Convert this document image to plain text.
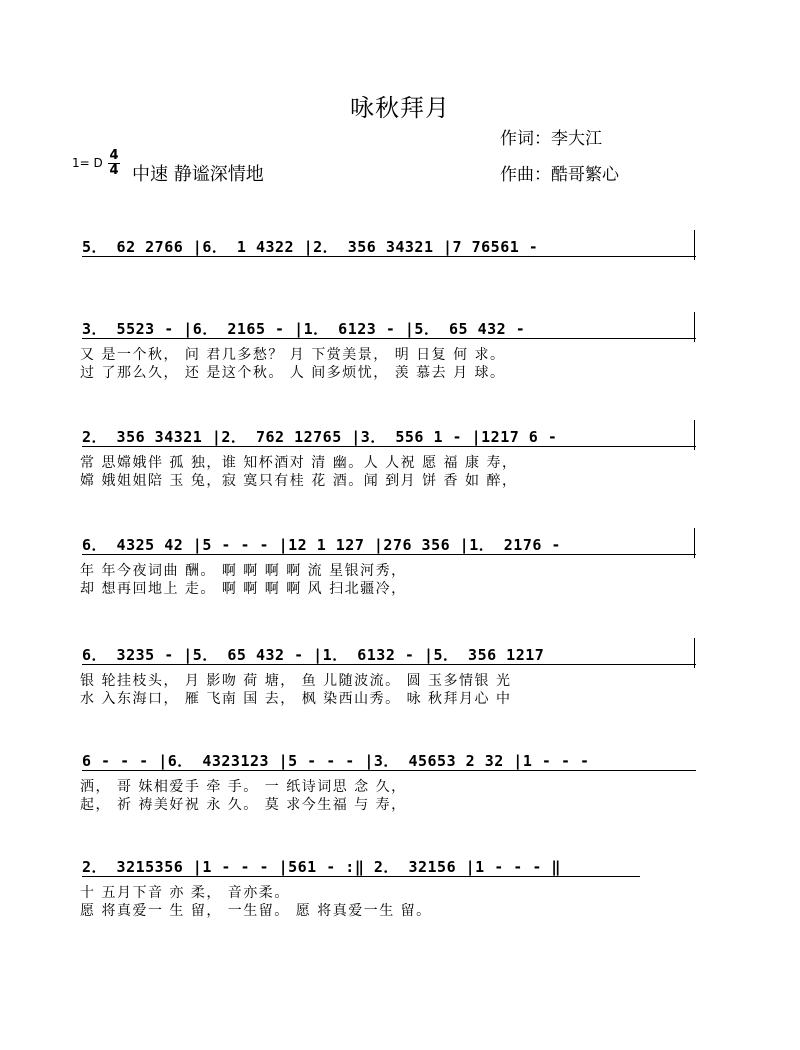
咏秋拜月
作词：李大江
作曲：酷哥繁心
1= D 4
4 中速 静谧深情地
5． 62 2766 |6． 1 4322 |2． 356 34321 |7 76561 -
3． 5523 - |6． 2165 - |1． 6123 - |5． 65 432 -
又 是一个秋， 问 君几多愁？ 月 下赏美景， 明 日复 何 求。
过 了那么久， 还 是这个秋。 人 间多烦忧， 羡 慕去 月 球。
2． 356 34321 |2． 762 12765 |3． 556 1 - |1217 6 -
常 思嫦娥伴 孤 独，谁 知杯酒对 清 幽。人 人祝 愿 福 康 寿，
嫦 娥姐姐陪 玉 兔，寂 寞只有桂 花 酒。闻 到月 饼 香 如 醉，
6． 4325 42 |5 - - - |12 1 127 |276 356 |1． 2176 -
年 年今夜词曲 酬。 啊 啊 啊 啊 流 星银河秀，
却 想再回地上 走。 啊 啊 啊 啊 风 扫北疆冷，
6． 3235 - |5． 65 432 - |1． 6132 - |5． 356 1217
银 轮挂枝头， 月 影吻 荷 塘， 鱼 儿随波流。 圆 玉多情银 光
水 入东海口， 雁 飞南 国 去， 枫 染西山秀。 咏 秋拜月心 中
6 - - - |6． 4323123 |5 - - - |3． 45653 2 32 |1 - - -
洒， 哥 妹相爱手 牵 手。 一 纸诗词思 念 久，
起， 祈 祷美好祝 永 久。 莫 求今生福 与 寿，
2． 3215356 |1 - - - |561 - :‖ 2． 32156 |1 - - - ‖
十 五月下音 亦 柔， 音亦柔。
愿 将真爱一 生 留， 一生留。 愿 将真爱一生 留。
